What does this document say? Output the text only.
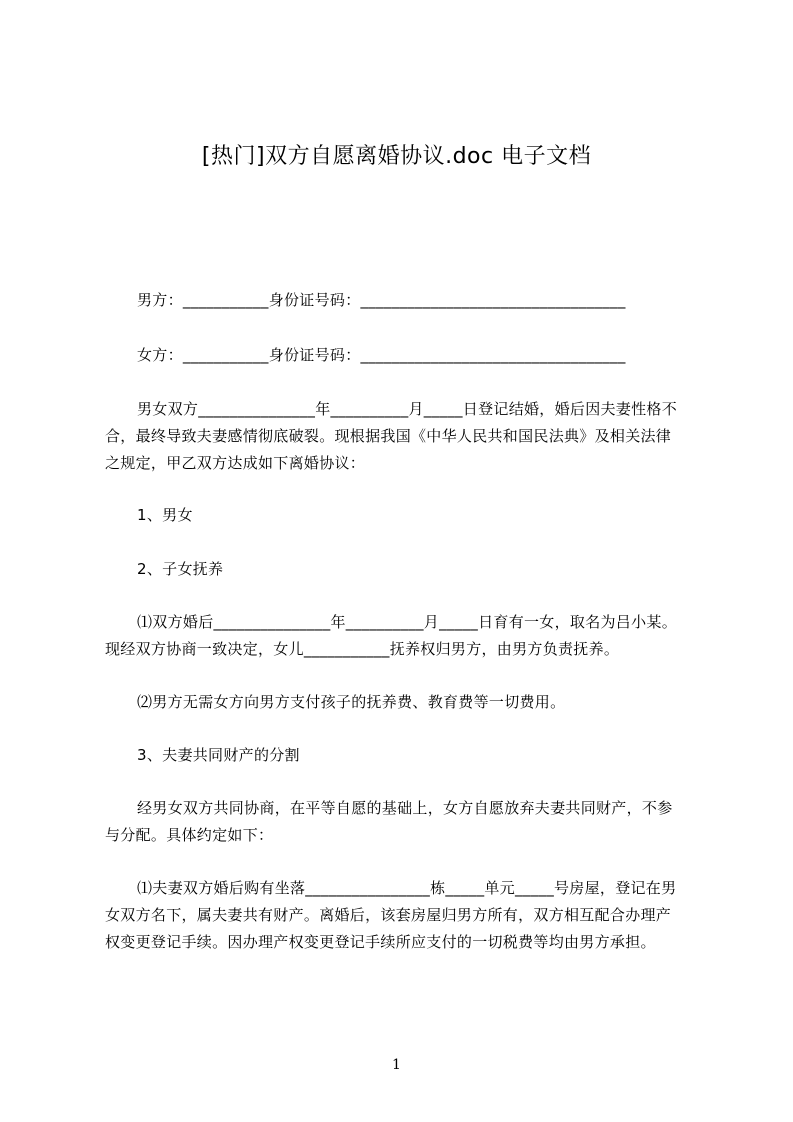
[热门]双方自愿离婚协议.doc 电子文档
男方：___________身份证号码：__________________________________
女方：___________身份证号码：__________________________________
男女双方_______________年__________月_____日登记结婚，婚后因夫妻性格不
合，最终导致夫妻感情彻底破裂。现根据我国《中华人民共和国民法典》及相关法律
之规定，甲乙双方达成如下离婚协议：
1、男女
2、子女抚养
⑴双方婚后_______________年__________月_____日育有一女，取名为吕小某。
现经双方协商一致决定，女儿___________抚养权归男方，由男方负责抚养。
⑵男方无需女方向男方支付孩子的抚养费、教育费等一切费用。
3、夫妻共同财产的分割
经男女双方共同协商，在平等自愿的基础上，女方自愿放弃夫妻共同财产，不参
与分配。具体约定如下：
⑴夫妻双方婚后购有坐落________________栋_____单元_____号房屋，登记在男
女双方名下，属夫妻共有财产。离婚后，该套房屋归男方所有，双方相互配合办理产
权变更登记手续。因办理产权变更登记手续所应支付的一切税费等均由男方承担。
1
